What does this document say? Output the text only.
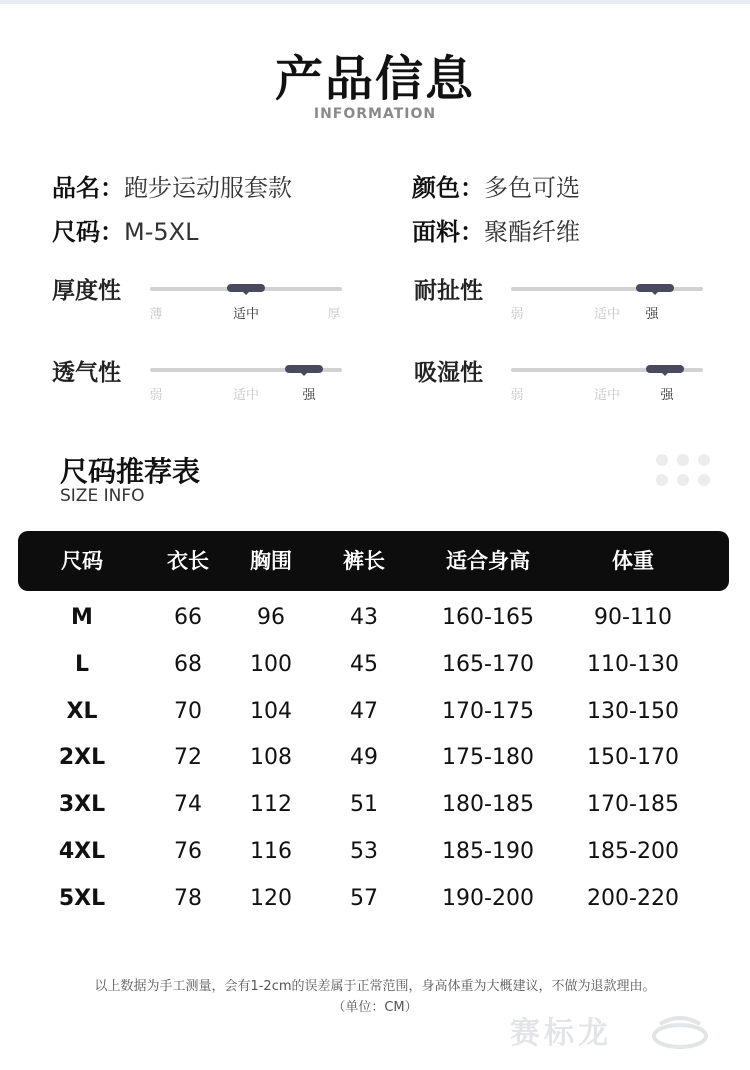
产品信息
INFORMATION
品名：跑步运动服套款	颜色：多色可选
尺码：M-5XL	面料：聚酯纤维
厚度性
薄	适中	厚
耐扯性
弱	适中 强
透气性
弱	适中	强
吸湿性
弱	适中	强
尺码推荐表
SIZE INFO
尺码	衣长 胸围 裤长	适合身高	体重
M	66	96	43	160-165	90-110
L	68 100	45	165-170 110-130
XL	70 104	47	170-175 130-150
2XL	72 108	49	175-180 150-170
3XL	74 112	51	180-185 170-185
4XL	76 116	53	185-190 185-200
5XL	78 120	57	190-200 200-220
以上数据为手工测量，会有1-2cm的误差属于正常范围，身高体重为大概建议，不做为退款理由。
（单位：CM）
赛标龙
